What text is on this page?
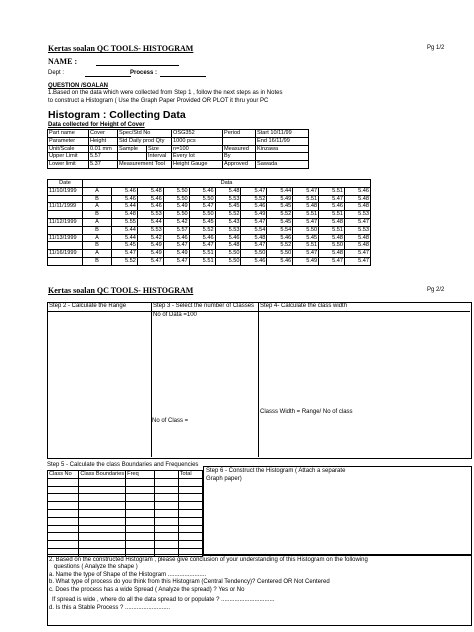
Kertas soalan QC TOOLS- HISTOGRAM	Pg 1/2
NAME :
Dept :	Process :
QUESTION /SOALAN
1.Based on the data which were collected from Step 1 , follow the next steps as in Notes
to construct a Histogram ( Use the Graph Paper Provided OR PLOT it thru your PC
Histogram : Collecting Data
Data collected for Height of Cover
Part name	Cover	Spec/Std No		OSG352	Period	Start 10/11/99
Parameter	Height	Std Daily prod Qty		1000 pcs		End 16/11/99
Unit/Scale	0.01 mm	Sample	Size	n=100	Measured	Kinzawa
Upper Limit	5.57		Interval	Every lot	By	
Lower limit	5.37	Measurement Tool		Height Gauge	Approved	Sawada
Date	Data										
11/10/1999	A	5.46	5.48	5.50	5.46	5.48	5.47	5.44	5.47	5.51	5.46
	B	5.46	5.46	5.50	5.50	5.53	5.52	5.49	5.51	5.47	5.48
11/11/1999	A	5.44	5.46	5.49	5.47	5.45	5.46	5.45	5.48	5.46	5.48
	B	5.48	5.53	5.50	5.50	5.52	5.49	5.52	5.51	5.51	5.53
11/12/1999	A	5.55	5.44	5.42	5.45	5.43	5.47	5.45	5.47	5.48	5.47
	B	5.44	5.53	5.57	5.52	5.53	5.54	5.54	5.50	5.51	5.53
11/13/1999	A	5.44	5.42	5.46	5.46	5.46	5.48	5.46	5.45	5.48	5.48
	B	5.45	5.49	5.47	5.47	5.48	5.47	5.52	5.51	5.50	5.48
11/16/1999	A	5.47	5.49	5.49	5.51	5.50	5.50	5.50	5.47	5.48	5.47
	B	5.52	5.47	5.47	5.51	5.50	5.46	5.46	5.49	5.47	5.47
Kertas soalan QC TOOLS- HISTOGRAM	Pg 2/2
Step 2 - Calculate the Range	Step 3 - Select the number of Classes
No of Data =100
Step 4- Calculate the class width
No of Class =
Classs Width = Range/ No of class
Step 5 - Calculate the class Boundaries and Frequencies
Class No	Class Boundaries	Freq		Total

				Step 6 - Construct the Histogram ( Attach a separate Graph paper)
2. Based on the constructed Histogram , please give conclusion of your understanding of this Histogram on the following
questions ( Analyze the shape )
a. Name the type of Shape of the Histogram .......................
b. What type of process do you think from this Histogram (Central Tendency)? Centered OR Not Centered
c. Does the process has a wide Spread ( Analyze the spread) ? Yes or No
If spread is wide , where do all the data spread to or populate ? ................................
d. Is this a Stable Process ? ...........................
